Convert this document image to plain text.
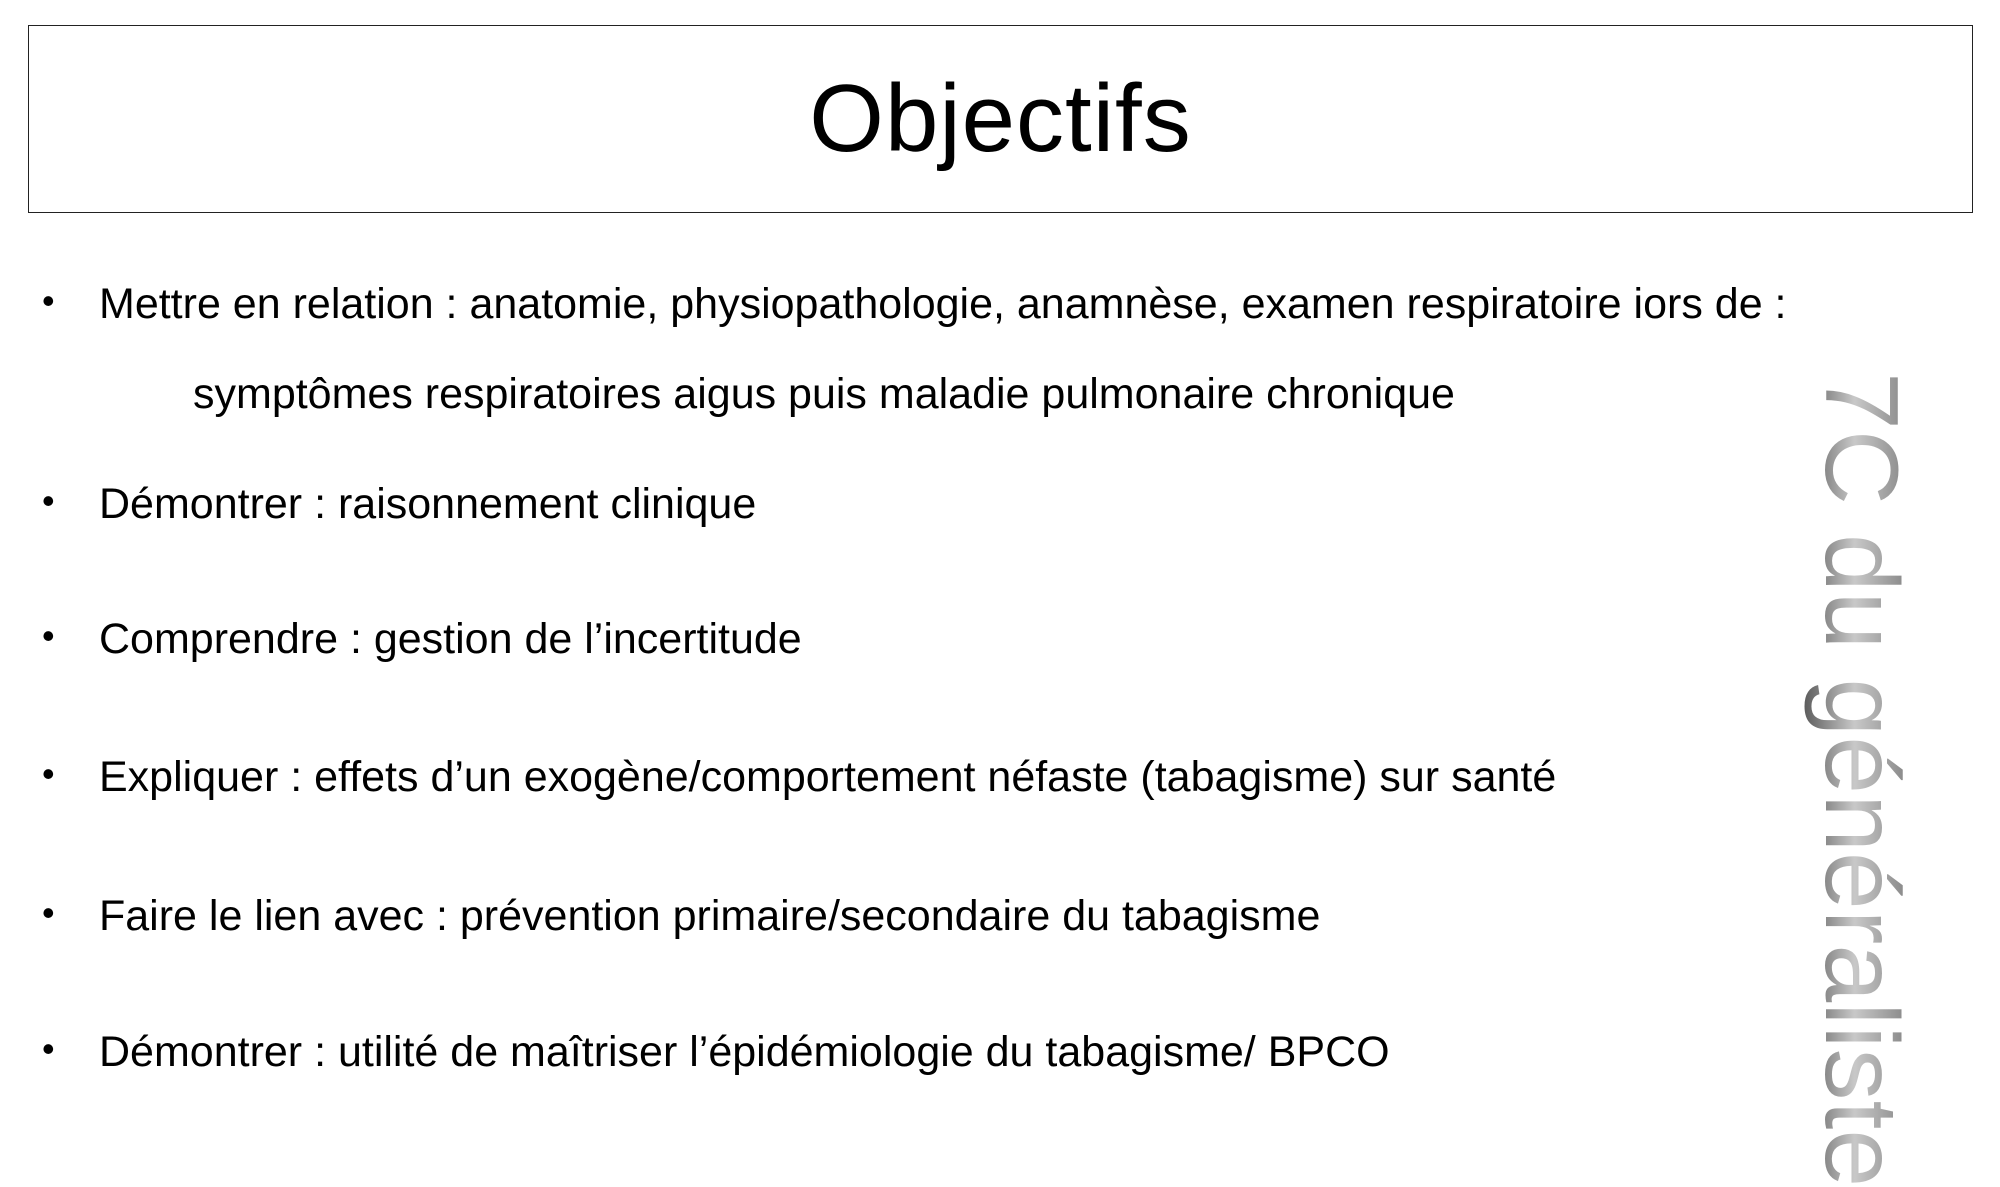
Objectifs
• Mettre en relation : anatomie, physiopathologie, anamnèse, examen respiratoire iors de :
symptômes respiratoires aigus puis maladie pulmonaire chronique
• Démontrer : raisonnement clinique
• Comprendre : gestion de l’incertitude
• Expliquer : effets d’un exogène/comportement néfaste (tabagisme) sur santé
• Faire le lien avec : prévention primaire/secondaire du tabagisme
• Démontrer : utilité de maîtriser l’épidémiologie du tabagisme/ BPCO	7C du généraliste
